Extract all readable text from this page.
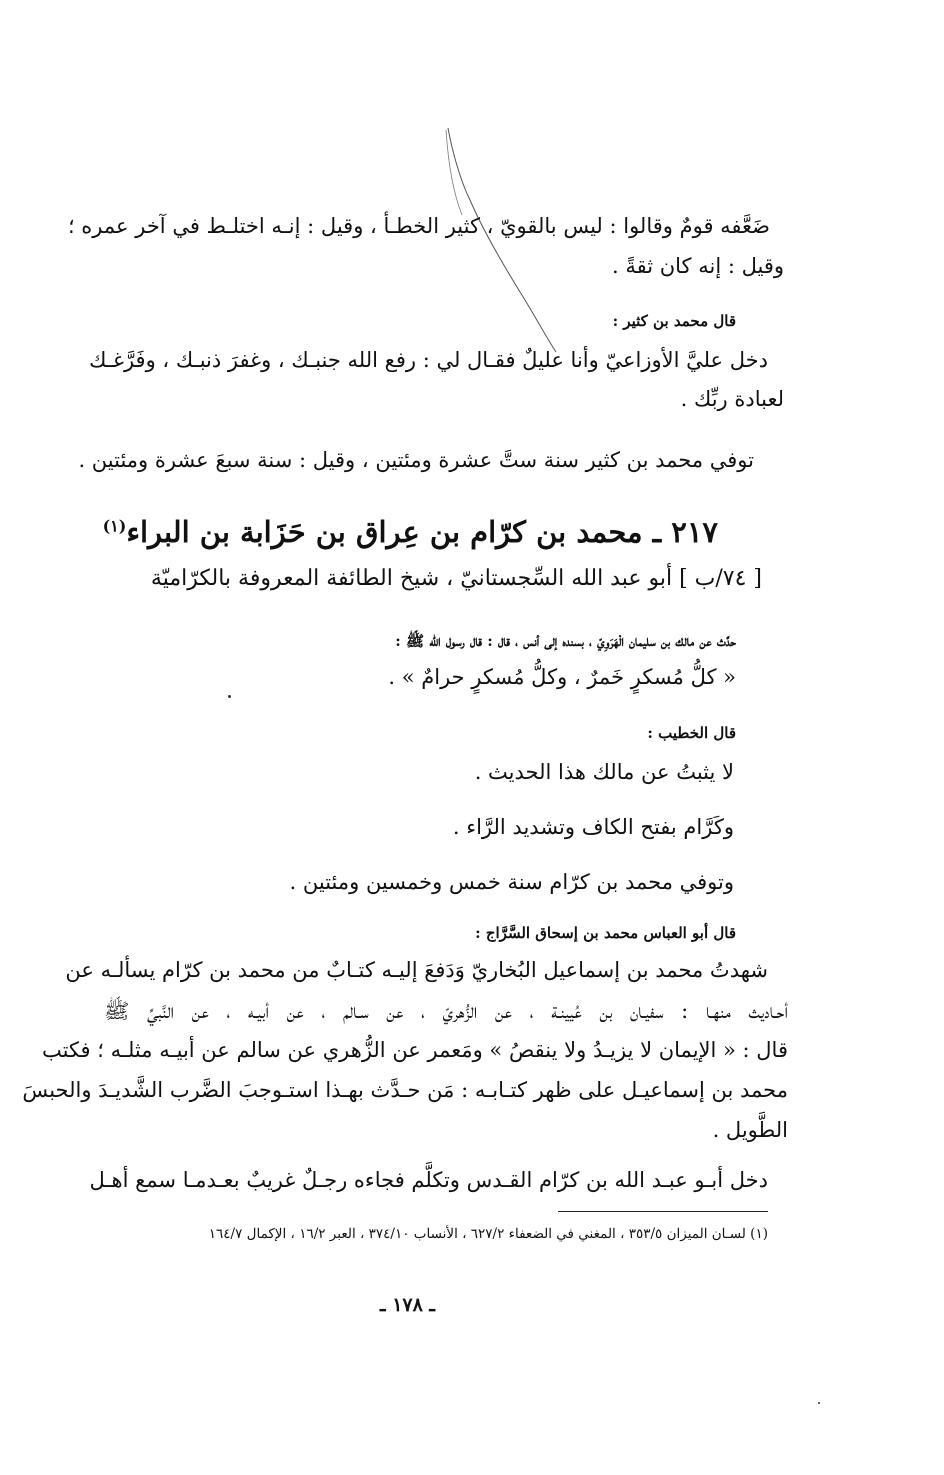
ضَعَّفه قومٌ وقالوا : ليس بالقويّ ، كثير الخطـأ ، وقيل : إنـه اختلـط في آخر عمره ؛
وقيل : إنه كان ثقةً .
قال محمد بن كثير :
دخل عليَّ الأوزاعيّ وأنا عليلٌ فقـال لي : رفع الله جنبـك ، وغفرَ ذنبـك ، وفَرَّغـك
لعبادة ربِّك .
توفي محمد بن كثير سنة ستَّ عشرة ومئتين ، وقيل : سنة سبعَ عشرة ومئتين .
٢١٧ ـ محمد بن كرّام بن عِراق بن حَزَابة بن البراء$^{(١)}$
[ ٧٤/ب ] أبو عبد الله السِّجستانيّ ، شيخ الطائفة المعروفة بالكرّاميّة
حدَّث عن مالك بن سليمان الْهَرَوِيّ ، بسنده إلى أنس ، قال : قال رسول الله ﷺ :
« كلُّ مُسكرٍ خَمرٌ ، وكلُّ مُسكرٍ حرامٌ » .
قال الخطيب :
لا يثبتُ عن مالك هذا الحديث .
وكَرَّام بفتح الكاف وتشديد الرَّاء .
وتوفي محمد بن كرّام سنة خمس وخمسين ومئتين .
قال أبو العباس محمد بن إسحاق السَّرَّاج :
شهدتُ محمد بن إسماعيل البُخاريّ وَدَفعَ إليـه كتـابٌ من محمد بن كرّام يسألـه عن
أحـاديث منهـا : سفيـان بن عُيينـة ، عن الزُّهريّ ، عن سـالم ، عن أبيـه ، عن النَّبيِّ ﷺ
قال : « الإيمان لا يزيـدُ ولا ينقصُ » ومَعمر عن الزُّهري عن سالم عن أبيـه مثلـه ؛ فكتب
محمد بن إسماعيـل على ظهر كتـابـه : مَن حـدَّث بهـذا استـوجبَ الضَّرب الشَّديـدَ والحبسَ
الطَّويل .
دخل أبـو عبـد الله بن كرّام القـدس وتكلَّم فجاءه رجـلٌ غريبٌ بعـدمـا سمع أهـل
(١) لسـان الميزان ٣٥٣/٥ ، المغني في الضعفاء ٦٢٧/٢ ، الأنساب ٣٧٤/١٠ ، العبر ١٦/٢ ، الإكمال ١٦٤/٧
ـ ١٧٨ ـ
